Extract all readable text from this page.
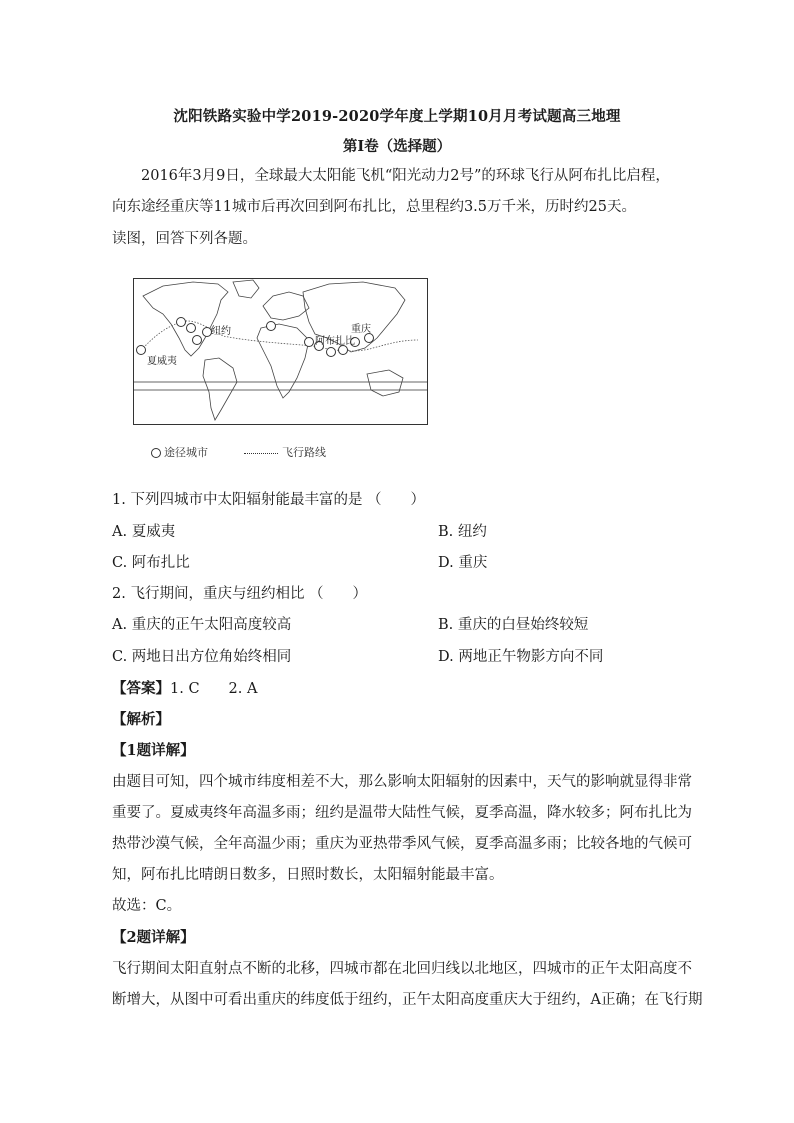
沈阳铁路实验中学2019-2020学年度上学期10月月考试题高三地理
第Ⅰ卷（选择题）
2016年3月9日，全球最大太阳能飞机“阳光动力2号”的环球飞行从阿布扎比启程，
向东途经重庆等11城市后再次回到阿布扎比，总里程约3.5万千米，历时约25天。
读图，回答下列各题。
夏威夷
纽约
阿布扎比
重庆
途径城市	飞行路线
1. 下列四城市中太阳辐射能最丰富的是 （　　）
A. 夏威夷	B. 纽约
C. 阿布扎比	D. 重庆
2. 飞行期间，重庆与纽约相比 （　　）
A. 重庆的正午太阳高度较高	B. 重庆的白昼始终较短
C. 两地日出方位角始终相同	D. 两地正午物影方向不同
【答案】1. C　　2. A
【解析】
【1题详解】
由题目可知，四个城市纬度相差不大，那么影响太阳辐射的因素中，天气的影响就显得非常
重要了。夏威夷终年高温多雨；纽约是温带大陆性气候，夏季高温，降水较多；阿布扎比为
热带沙漠气候，全年高温少雨；重庆为亚热带季风气候，夏季高温多雨；比较各地的气候可
知，阿布扎比晴朗日数多，日照时数长，太阳辐射能最丰富。
故选：C。
【2题详解】
飞行期间太阳直射点不断的北移，四城市都在北回归线以北地区，四城市的正午太阳高度不
断增大，从图中可看出重庆的纬度低于纽约，正午太阳高度重庆大于纽约，A正确；在飞行期
